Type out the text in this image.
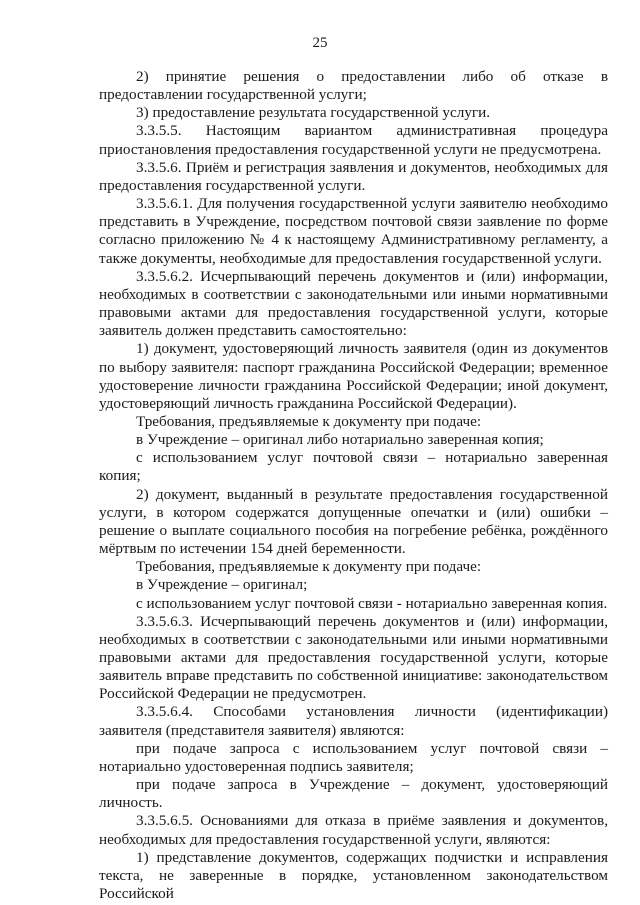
25

2) принятие решения о предоставлении либо об отказе в предоставлении государственной услуги;

3) предоставление результата государственной услуги.

3.3.5.5. Настоящим вариантом административная процедура приостановления предоставления государственной услуги не предусмотрена.

3.3.5.6. Приём и регистрация заявления и документов, необходимых для предоставления государственной услуги.

3.3.5.6.1. Для получения государственной услуги заявителю необходимо представить в Учреждение, посредством почтовой связи заявление по форме согласно приложению № 4 к настоящему Административному регламенту, а также документы, необходимые для предоставления государственной услуги.

3.3.5.6.2. Исчерпывающий перечень документов и (или) информации, необходимых в соответствии с законодательными или иными нормативными правовыми актами для предоставления государственной услуги, которые заявитель должен представить самостоятельно:

1) документ, удостоверяющий личность заявителя (один из документов по выбору заявителя: паспорт гражданина Российской Федерации; временное удостоверение личности гражданина Российской Федерации; иной документ, удостоверяющий личность гражданина Российской Федерации).

Требования, предъявляемые к документу при подаче:

в Учреждение – оригинал либо нотариально заверенная копия;

с использованием услуг почтовой связи – нотариально заверенная копия;

2) документ, выданный в результате предоставления государственной услуги, в котором содержатся допущенные опечатки и (или) ошибки – решение о выплате социального пособия на погребение ребёнка, рождённого мёртвым по истечении 154 дней беременности.

Требования, предъявляемые к документу при подаче:

в Учреждение – оригинал;

с использованием услуг почтовой связи - нотариально заверенная копия.

3.3.5.6.3. Исчерпывающий перечень документов и (или) информации, необходимых в соответствии с законодательными или иными нормативными правовыми актами для предоставления государственной услуги, которые заявитель вправе представить по собственной инициативе: законодательством Российской Федерации не предусмотрен.

3.3.5.6.4. Способами установления личности (идентификации) заявителя (представителя заявителя) являются:

при подаче запроса с использованием услуг почтовой связи – нотариально удостоверенная подпись заявителя;

при подаче запроса в Учреждение – документ, удостоверяющий личность.

3.3.5.6.5. Основаниями для отказа в приёме заявления и документов, необходимых для предоставления государственной услуги, являются:

1) представление документов, содержащих подчистки и исправления текста, не заверенные в порядке, установленном законодательством Российской
